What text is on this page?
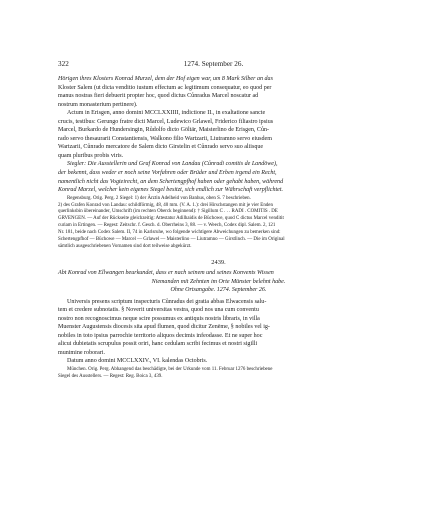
322	1274. September 26.

Hörigen ihres Klosters Konrad Murzel, dem der Hof eigen war, um 8 Mark Silber an das

Kloster Salem (ut dicta venditio iustum effectum ac legitimum consequatur, eo quod per

manus nostras fieri debuerit propter hoc, quod dictus Cůnradus Marcel noscatur ad

nostrum monasterium pertinere).

Actum in Erisgen, anno domini MCCLXXIIII, indictione II., in exaltatione sancte

crucis, testibus: Gerungo fratre dicti Marcel, Ludewico Grlawel, Friderico filiastro ipsius

Marcel, Burkardo de Hundersingin, Růdolfo dicto Göltär, Maisterlino de Erisgen, Cůn-

rado servo thesaurarii Constantiensis, Walkono filio Wartzarii, Liutramno servo eiusdem

Wartzarii, Cůnrado mercatore de Salem dicto Girstelin et Cůnrado servo suo aliisque

quam pluribus probis viris.

Siegler: Die Ausstellerin und Graf Konrad von Landau (Cůnradi comitis de Landöwe),

der bekennt, dass weder er noch seine Vorfahren oder Brüder und Erben irgend ein Recht,

namentlich nicht das Vogteirecht, an dem Schertengpfhof haben oder gehabt haben, während

Konrad Marzel, welcher kein eigenes Siegel besitzt, sich endlich zur Währschaft verpflichtet.

Regensburg. Orig. Perg. 2 Siegel: 1) der Ärztin Adelheid von Banhus, oben S. 7 beschrieben.

2) des Grafen Konrad von Landau: schildförmig, 48, 40 mm. (V. A. 1.): drei Hirschstangen mit je vier Enden

querlinksbin übereinander, Umschrift (im rechten Oberck beginnend): † Sigillum C . . . RADI . COMITIS . DE

GRVENGEN. — Auf der Rückseite gleichzeitig: Attestatur Adilhaidis de Büchowe, quod C dictus Marcel venditit

curiam in Ertingen. — Regest: Zeitschr. f. Gesch. d. Oberrheins 3, 88. — v. Weech, Codex dipl. Salem. 2, 121

Nr. 181, beide nach Codex Salem. II, 74 in Karlsruhe, wo folgende wichtigere Abweichungen zu bemerken sind:

Schertengpfhof — Büchowe — Marcel — Grlawel — Maisterlino — Liutramno — Girstlinch. — Die im Original

sämtlich ausgeschriebenen Vornamen sind dort teilweise abgekürzt.

2439.

Abt Konrad von Ellwangen beurkundet, dass er nach seinem und seines Konvents Wissen

Niemanden mit Zehnten im Orte Münster belehnt habe.

Ohne Ortsangabe. 1274. September 26.

Universis presens scriptum inspecturis Cůnradus dei gratia abbas Elwacensis salu-

tem et credere subnotatis. § Noverit universitas vestra, quod nos una cum conventu

nostro non recognoscimus neque scire possumus ex antiquis nostris libraris, in villa

Muenster Augustensis diocesis sita apud flumen, quod dicitur Zenēme, § nobiles vel ig-

nobiles in toto ipsius parrochie territorio aliquos decimis infeodasse. Et ne super hoc

alicui dubietatis scrupulus possit oriri, hanc cedulam scribi fecimus et nostri sigilli

munimine roborari.

Datum anno domini MCCLXXIV., VI. kalendas Octobris.

München. Orig. Perg. Abhangend das beschädigte, bei der Urkunde vom 11. Februar 1276 beschriebene

Siegel des Ausstellers. — Regest: Reg. Boica 3, 439.
